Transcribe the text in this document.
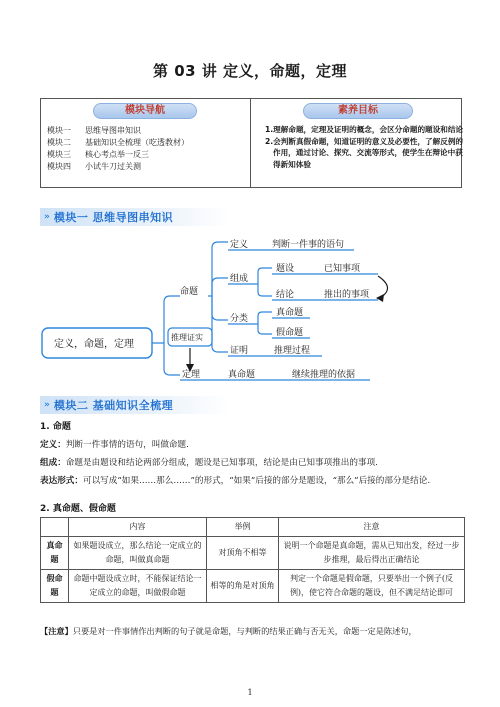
第 03 讲 定义，命题，定理
模块导航
模块一	思维导图串知识
模块二	基础知识全梳理（吃透教材）
模块三	核心考点举一反三
模块四	小试牛刀过关测
素养目标

1.理解命题，定理及证明的概念，会区分命题的题设和结论

2.会判断真假命题，知道证明的意义及必要性，了解反例的作用，通过讨论、探究、交流等形式，使学生在辩论中获得新知体验

» 模块一 思维导图串知识
定义，命题，定理
命题
定义	判断一件事的语句
组成
题设	已知事项
结论	推出的事项
分类
真命题
假命题
证明	推理过程
推理证实
定理	真命题	继续推理的依据
» 模块二 基础知识全梳理
1. 命题
定义：判断一件事情的语句，叫做命题.
组成：命题是由题设和结论两部分组成，题设是已知事项，结论是由已知事项推出的事项.
表达形式：可以写成“如果……那么……”的形式，“如果”后接的部分是题设，“那么”后接的部分是结论.
2. 真命题、假命题
	内容	举例	注意
真命题	如果题设成立，那么结论一定成立的命题，叫做真命题	对顶角不相等	说明一个命题是真命题，需从已知出发，经过一步步推理，最后得出正确结论
假命题	命题中题设成立时，不能保证结论一定成立的命题，叫做假命题	相等的角是对顶角	判定一个命题是假命题，只要举出一个例子(反例)，使它符合命题的题设，但不满足结论即可
【注意】只要是对一件事情作出判断的句子就是命题，与判断的结果正确与否无关，命题一定是陈述句，
1
